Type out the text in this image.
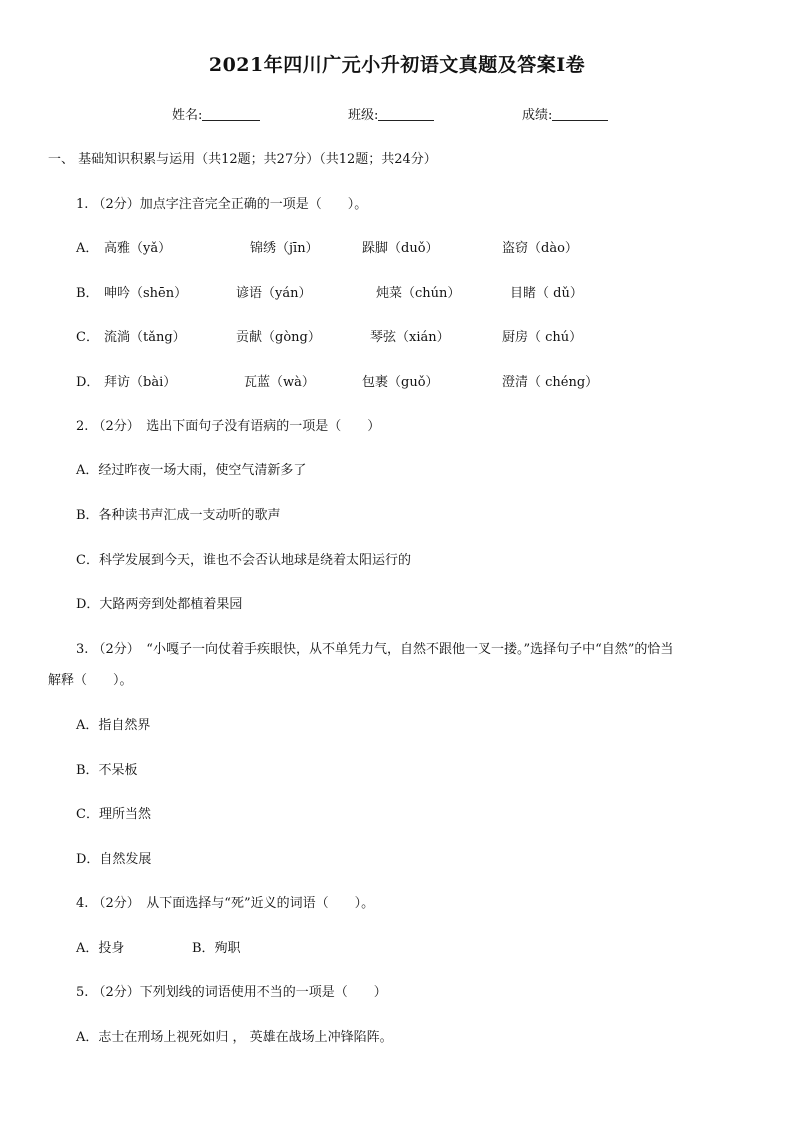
2021年四川广元小升初语文真题及答案Ⅰ卷
姓名:	班级:	成绩:
一、 基础知识积累与运用（共12题；共27分）（共12题；共24分）
1. （2分）加点字注音完全正确的一项是（　　）。
A． 高雅（yǎ）	锦绣（jīn）	跺脚（duǒ）	盗窃（dào）
B． 呻吟（shēn）	谚语（yán）	炖菜（chún）	目睹（ dǔ）
C． 流淌（tǎng）	贡献（gòng）	琴弦（xián）	厨房（ chú）
D． 拜访（bài）	瓦蓝（wà）	包裹（guǒ）	澄清（ chéng）
2. （2分）　选出下面句子没有语病的一项是（　　）
A．经过昨夜一场大雨，使空气清新多了
B．各种读书声汇成一支动听的歌声
C．科学发展到今天，谁也不会否认地球是绕着太阳运行的
D．大路两旁到处都植着果园
3. （2分）　“小嘎子一向仗着手疾眼快，从不单凭力气，自然不跟他一叉一搂。”选择句子中“自然”的恰当
解释（　　）。
A．指自然界
B．不呆板
C．理所当然
D．自然发展
4. （2分）　从下面选择与“死”近义的词语（　　）。
A．投身	B．殉职
5. （2分）下列划线的词语使用不当的一项是（　　）
A．志士在刑场上视死如归 ， 英雄在战场上冲锋陷阵。
